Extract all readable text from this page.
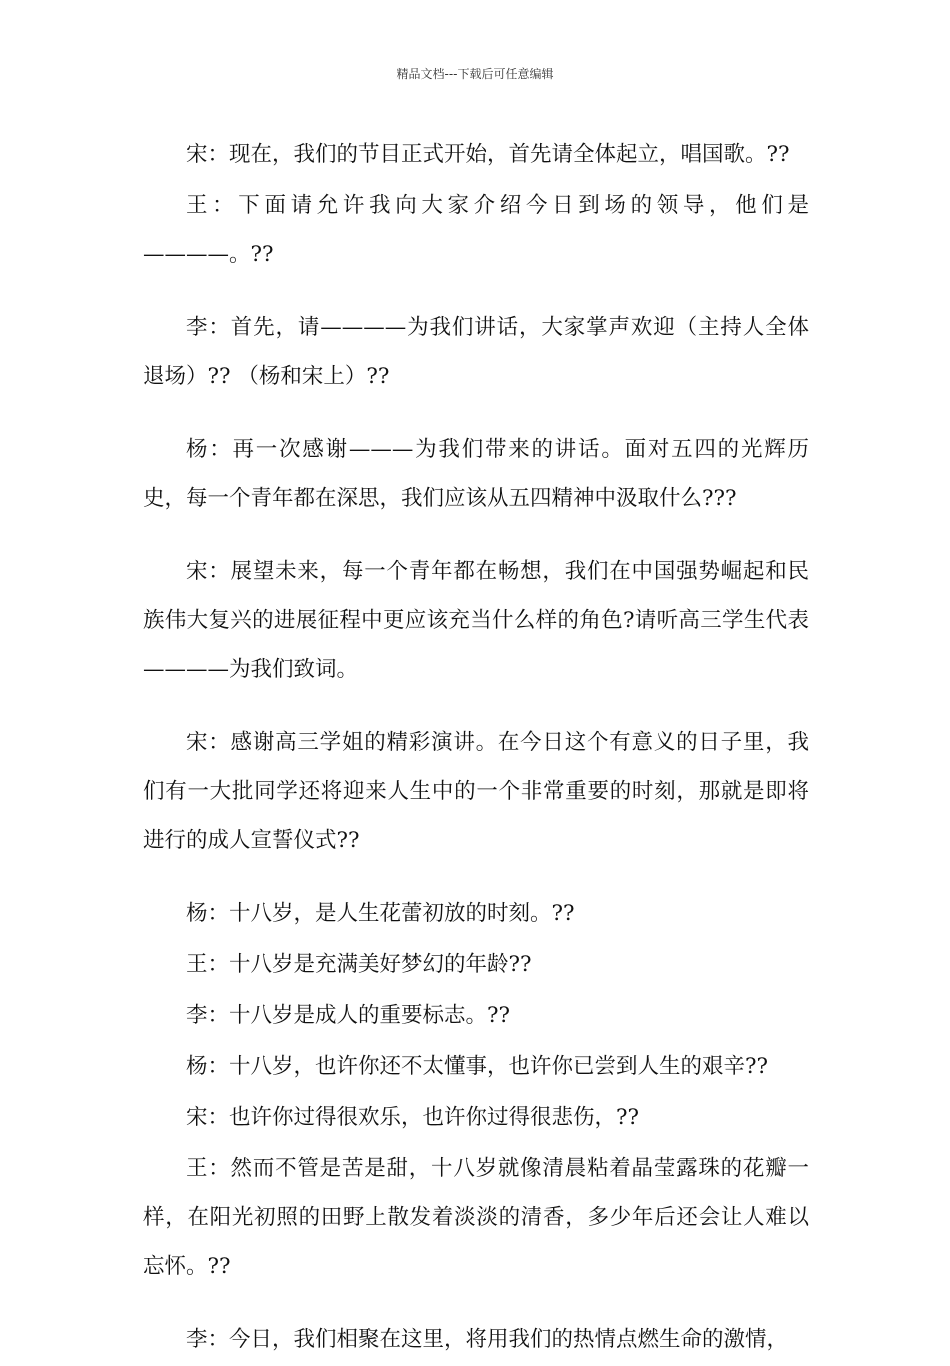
精品文档---下载后可任意编辑

宋：现在，我们的节目正式开始，首先请全体起立，唱国歌。??

王：下面请允许我向大家介绍今日到场的领导，他们是————。??

李：首先，请————为我们讲话，大家掌声欢迎（主持人全体退场）?? （杨和宋上）??

杨：再一次感谢———为我们带来的讲话。面对五四的光辉历史，每一个青年都在深思，我们应该从五四精神中汲取什么???

宋：展望未来，每一个青年都在畅想，我们在中国强势崛起和民族伟大复兴的进展征程中更应该充当什么样的角色?请听高三学生代表————为我们致词。

宋：感谢高三学姐的精彩演讲。在今日这个有意义的日子里，我们有一大批同学还将迎来人生中的一个非常重要的时刻，那就是即将进行的成人宣誓仪式??

杨：十八岁，是人生花蕾初放的时刻。??

王：十八岁是充满美好梦幻的年龄??

李：十八岁是成人的重要标志。??

杨：十八岁，也许你还不太懂事，也许你已尝到人生的艰辛??

宋：也许你过得很欢乐，也许你过得很悲伤，??

王：然而不管是苦是甜，十八岁就像清晨粘着晶莹露珠的花瓣一样，在阳光初照的田野上散发着淡淡的清香，多少年后还会让人难以忘怀。??

李：今日，我们相聚在这里，将用我们的热情点燃生命的激情，
